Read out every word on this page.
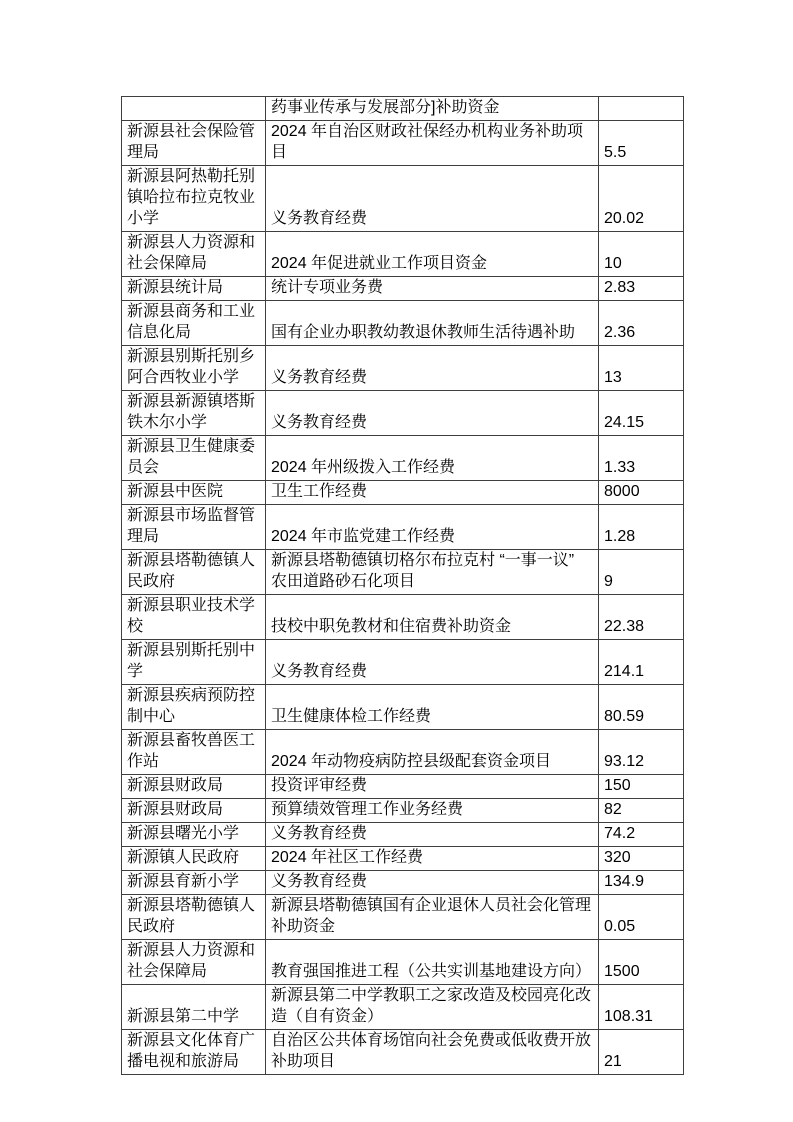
	药事业传承与发展部分]补助资金	
新源县社会保险管理局	2024 年自治区财政社保经办机构业务补助项目	5.5
新源县阿热勒托别镇哈拉布拉克牧业小学	义务教育经费	20.02
新源县人力资源和社会保障局	2024 年促进就业工作项目资金	10
新源县统计局	统计专项业务费	2.83
新源县商务和工业信息化局	国有企业办职教幼教退休教师生活待遇补助	2.36
新源县别斯托别乡阿合西牧业小学	义务教育经费	13
新源县新源镇塔斯铁木尔小学	义务教育经费	24.15
新源县卫生健康委员会	2024 年州级拨入工作经费	1.33
新源县中医院	卫生工作经费	8000
新源县市场监督管理局	2024 年市监党建工作经费	1.28
新源县塔勒德镇人民政府	新源县塔勒德镇切格尔布拉克村 “一事一议” 农田道路砂石化项目	9
新源县职业技术学校	技校中职免教材和住宿费补助资金	22.38
新源县别斯托别中学	义务教育经费	214.1
新源县疾病预防控制中心	卫生健康体检工作经费	80.59
新源县畜牧兽医工作站	2024 年动物疫病防控县级配套资金项目	93.12
新源县财政局	投资评审经费	150
新源县财政局	预算绩效管理工作业务经费	82
新源县曙光小学	义务教育经费	74.2
新源镇人民政府	2024 年社区工作经费	320
新源县育新小学	义务教育经费	134.9
新源县塔勒德镇人民政府	新源县塔勒德镇国有企业退休人员社会化管理补助资金	0.05
新源县人力资源和社会保障局	教育强国推进工程（公共实训基地建设方向）	1500
新源县第二中学	新源县第二中学教职工之家改造及校园亮化改造（自有资金）	108.31
新源县文化体育广播电视和旅游局	自治区公共体育场馆向社会免费或低收费开放补助项目	21
